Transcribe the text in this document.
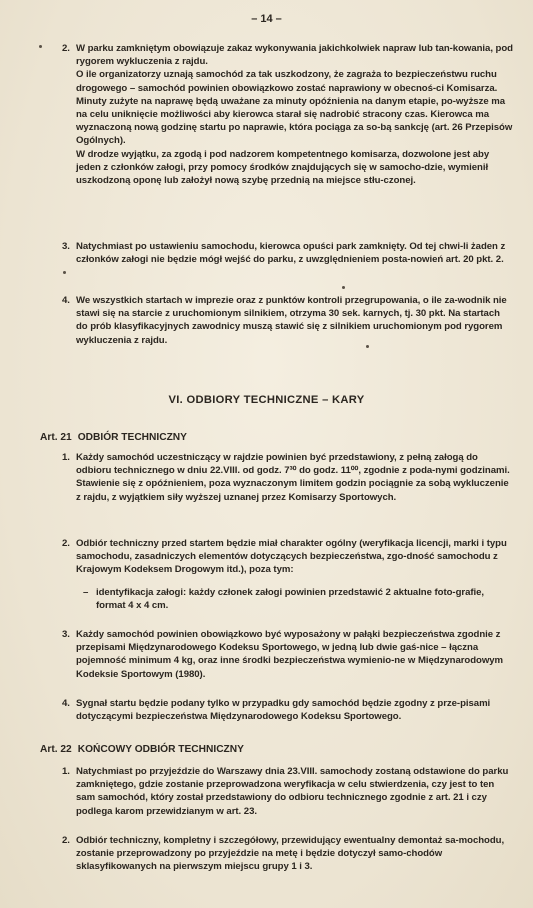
– 14 –
2. W parku zamkniętym obowiązuje zakaz wykonywania jakichkolwiek napraw lub tan-kowania, pod rygorem wykluczenia z rajdu.

O ile organizatorzy uznają samochód za tak uszkodzony, że zagraża to bezpieczeństwu ruchu drogowego – samochód powinien obowiązkowo zostać naprawiony w obecnoś-ci Komisarza.

Minuty zużyte na naprawę będą uważane za minuty opóźnienia na danym etapie, po-wyższe ma na celu uniknięcie możliwości aby kierowca starał się nadrobić stracony czas. Kierowca ma wyznaczoną nową godzinę startu po naprawie, która pociąga za so-bą sankcję (art. 26 Przepisów Ogólnych).

W drodze wyjątku, za zgodą i pod nadzorem kompetentnego komisarza, dozwolone jest aby jeden z członków załogi, przy pomocy środków znajdujących się w samocho-dzie, wymienił uszkodzoną oponę lub założył nową szybę przednią na miejsce stłu-czonej.

3. Natychmiast po ustawieniu samochodu, kierowca opuści park zamknięty. Od tej chwi-li żaden z członków załogi nie będzie mógł wejść do parku, z uwzględnieniem posta-nowień art. 20 pkt. 2.

4. We wszystkich startach w imprezie oraz z punktów kontroli przegrupowania, o ile za-wodnik nie stawi się na starcie z uruchomionym silnikiem, otrzyma 30 sek. karnych, tj. 30 pkt. Na startach do prób klasyfikacyjnych zawodnicy muszą stawić się z silnikiem uruchomionym pod rygorem wykluczenia z rajdu.

VI. ODBIORY TECHNICZNE – KARY
Art. 21 ODBIÓR TECHNICZNY
1. Każdy samochód uczestniczący w rajdzie powinien być przedstawiony, z pełną załogą do odbioru technicznego w dniu 22.VIII. od godz. 7³⁰ do godz. 11⁰⁰, zgodnie z poda-nymi godzinami.

Stawienie się z opóźnieniem, poza wyznaczonym limitem godzin pociągnie za sobą wykluczenie z rajdu, z wyjątkiem siły wyższej uznanej przez Komisarzy Sportowych.

2. Odbiór techniczny przed startem będzie miał charakter ogólny (weryfikacja licencji, marki i typu samochodu, zasadniczych elementów dotyczących bezpieczeństwa, zgo-dność samochodu z Krajowym Kodeksem Drogowym itd.), poza tym:

– identyfikacja załogi: każdy członek załogi powinien przedstawić 2 aktualne foto-grafie, format 4 x 4 cm.
3. Każdy samochód powinien obowiązkowo być wyposażony w pałąki bezpieczeństwa zgodnie z przepisami Międzynarodowego Kodeksu Sportowego, w jedną lub dwie gaś-nice – łączna pojemność minimum 4 kg, oraz inne środki bezpieczeństwa wymienio-ne w Międzynarodowym Kodeksie Sportowym (1980).

4. Sygnał startu będzie podany tylko w przypadku gdy samochód będzie zgodny z prze-pisami dotyczącymi bezpieczeństwa Międzynarodowego Kodeksu Sportowego.

Art. 22 KOŃCOWY ODBIÓR TECHNICZNY
1. Natychmiast po przyjeździe do Warszawy dnia 23.VIII. samochody zostaną odstawione do parku zamkniętego, gdzie zostanie przeprowadzona weryfikacja w celu stwierdzenia, czy jest to ten sam samochód, który został przedstawiony do odbioru technicznego zgodnie z art. 21 i czy podlega karom przewidzianym w art. 23.

2. Odbiór techniczny, kompletny i szczegółowy, przewidujący ewentualny demontaż sa-mochodu, zostanie przeprowadzony po przyjeździe na metę i będzie dotyczył samo-chodów sklasyfikowanych na pierwszym miejscu grupy 1 i 3.
